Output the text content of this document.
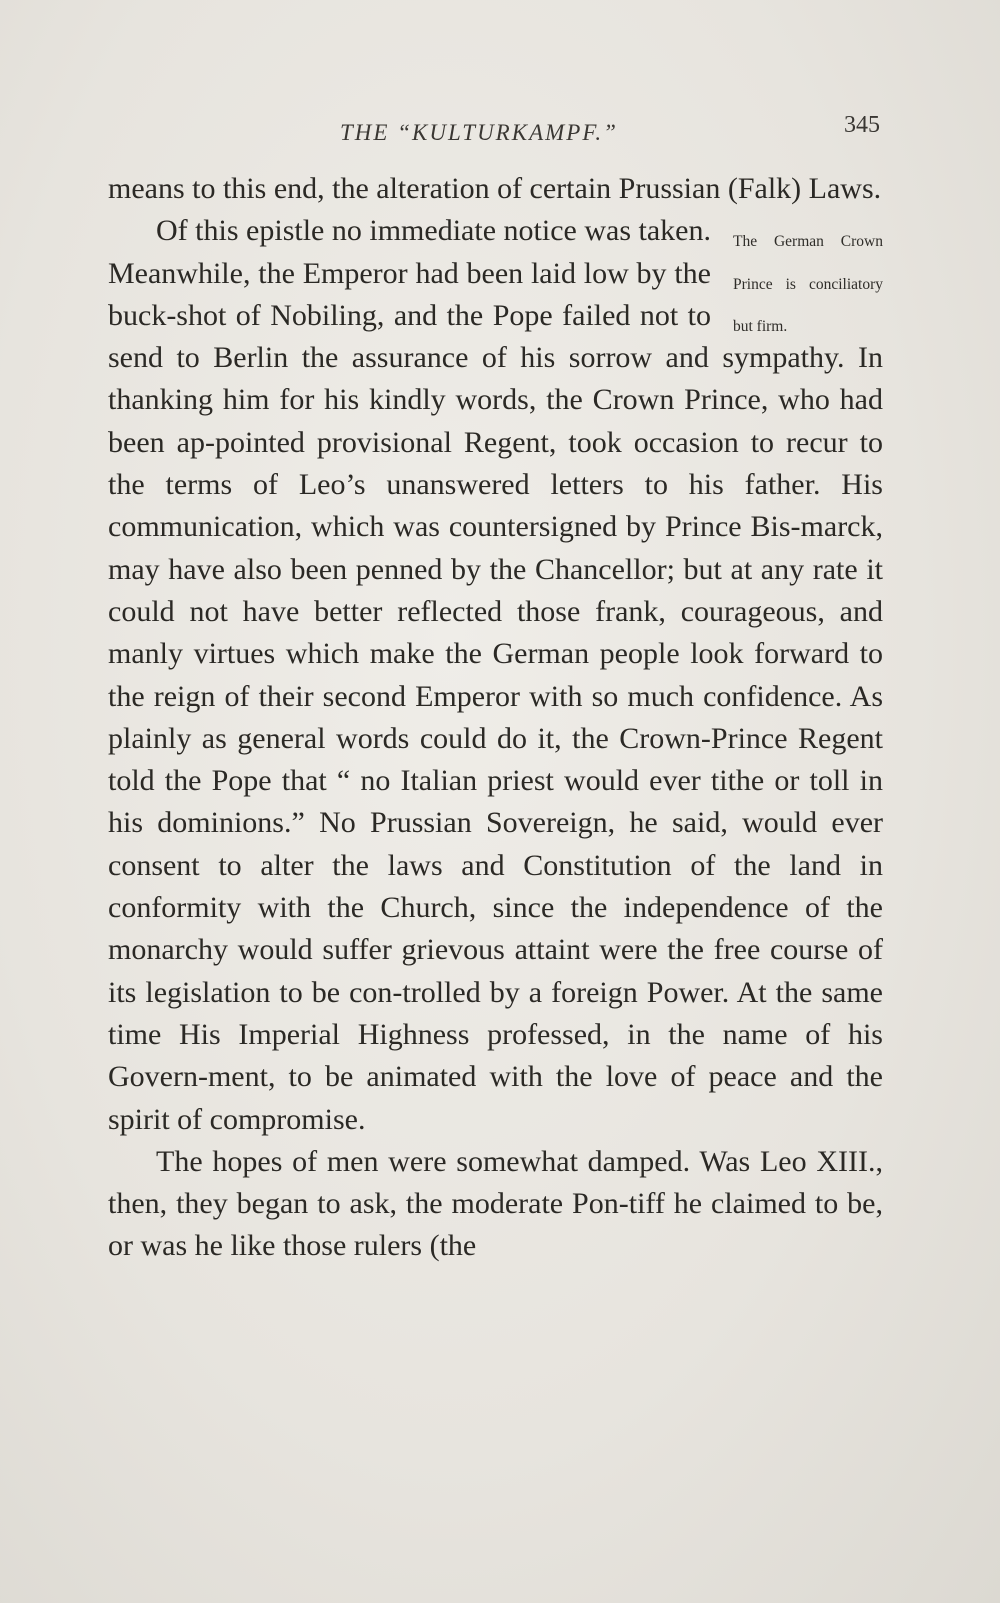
THE “KULTURKAMPF.”	345

means to this end, the alteration of certain Prussian (Falk) Laws.

The German Crown Prince is conciliatory but firm.
Of this epistle no immediate notice was taken. Meanwhile, the Emperor had been laid low by the buck-shot of Nobiling, and the Pope failed not to send to Berlin the assurance of his sorrow and sympathy. In thanking him for his kindly words, the Crown Prince, who had been ap-pointed provisional Regent, took occasion to recur to the terms of Leo’s unanswered letters to his father. His communication, which was countersigned by Prince Bis-marck, may have also been penned by the Chancellor; but at any rate it could not have better reflected those frank, courageous, and manly virtues which make the German people look forward to the reign of their second Emperor with so much confidence. As plainly as general words could do it, the Crown-Prince Regent told the Pope that “ no Italian priest would ever tithe or toll in his dominions.” No Prussian Sovereign, he said, would ever consent to alter the laws and Constitution of the land in conformity with the Church, since the independence of the monarchy would suffer grievous attaint were the free course of its legislation to be con-trolled by a foreign Power. At the same time His Imperial Highness professed, in the name of his Govern-ment, to be animated with the love of peace and the spirit of compromise.

The hopes of men were somewhat damped. Was Leo XIII., then, they began to ask, the moderate Pon-tiff he claimed to be, or was he like those rulers (the
